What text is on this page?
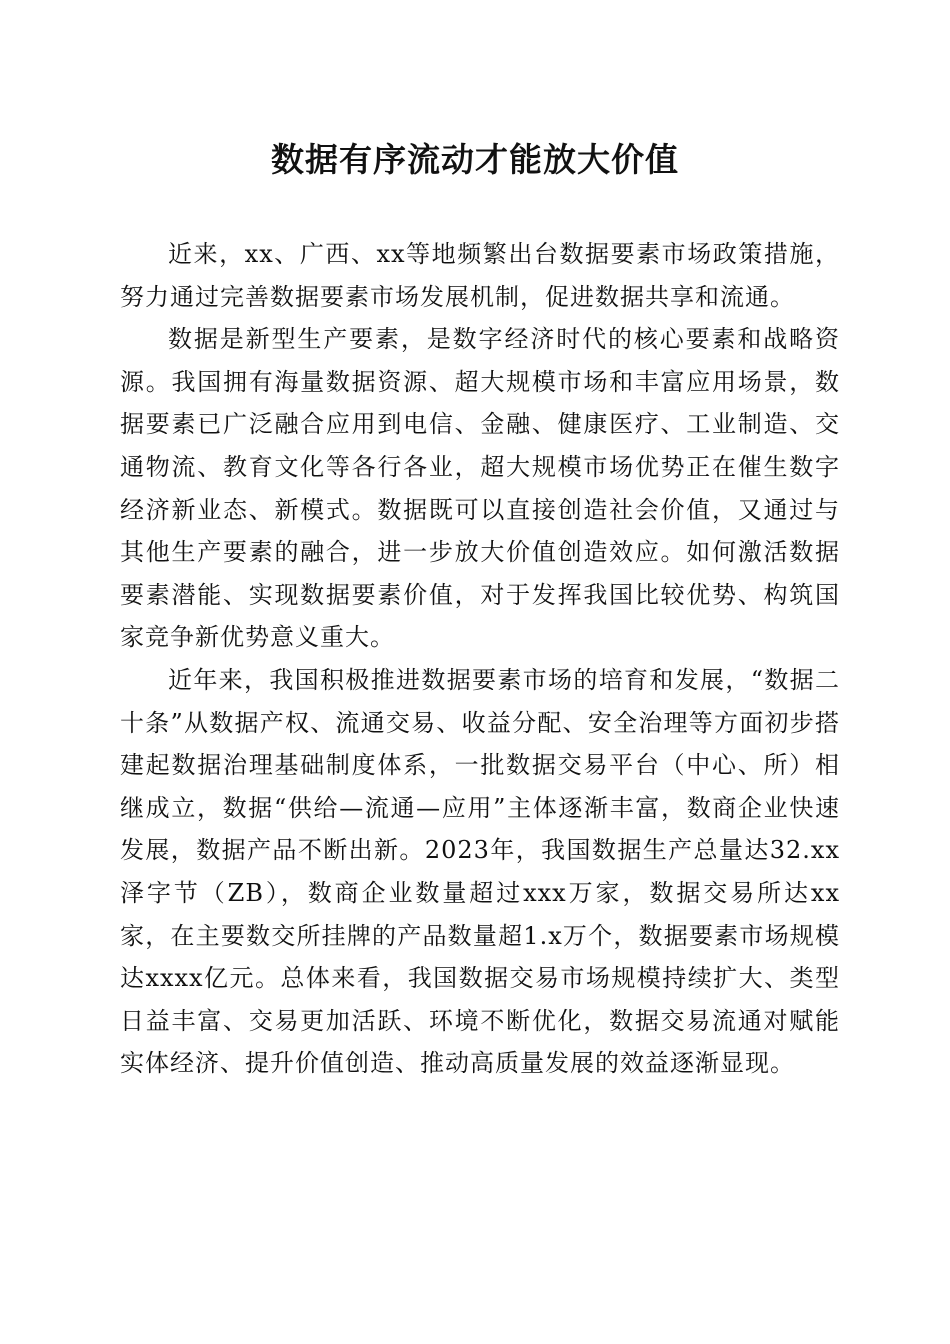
数据有序流动才能放大价值

近来，xx、广西、xx等地频繁出台数据要素市场政策措施，努力通过完善数据要素市场发展机制，促进数据共享和流通。

数据是新型生产要素，是数字经济时代的核心要素和战略资源。我国拥有海量数据资源、超大规模市场和丰富应用场景，数据要素已广泛融合应用到电信、金融、健康医疗、工业制造、交通物流、教育文化等各行各业，超大规模市场优势正在催生数字经济新业态、新模式。数据既可以直接创造社会价值，又通过与其他生产要素的融合，进一步放大价值创造效应。如何激活数据要素潜能、实现数据要素价值，对于发挥我国比较优势、构筑国家竞争新优势意义重大。

近年来，我国积极推进数据要素市场的培育和发展，“数据二十条”从数据产权、流通交易、收益分配、安全治理等方面初步搭建起数据治理基础制度体系，一批数据交易平台（中心、所）相继成立，数据“供给—流通—应用”主体逐渐丰富，数商企业快速发展，数据产品不断出新。2023年，我国数据生产总量达32.xx泽字节（ZB），数商企业数量超过xxx万家，数据交易所达xx家，在主要数交所挂牌的产品数量超1.x万个，数据要素市场规模达xxxx亿元。总体来看，我国数据交易市场规模持续扩大、类型日益丰富、交易更加活跃、环境不断优化，数据交易流通对赋能实体经济、提升价值创造、推动高质量发展的效益逐渐显现。
